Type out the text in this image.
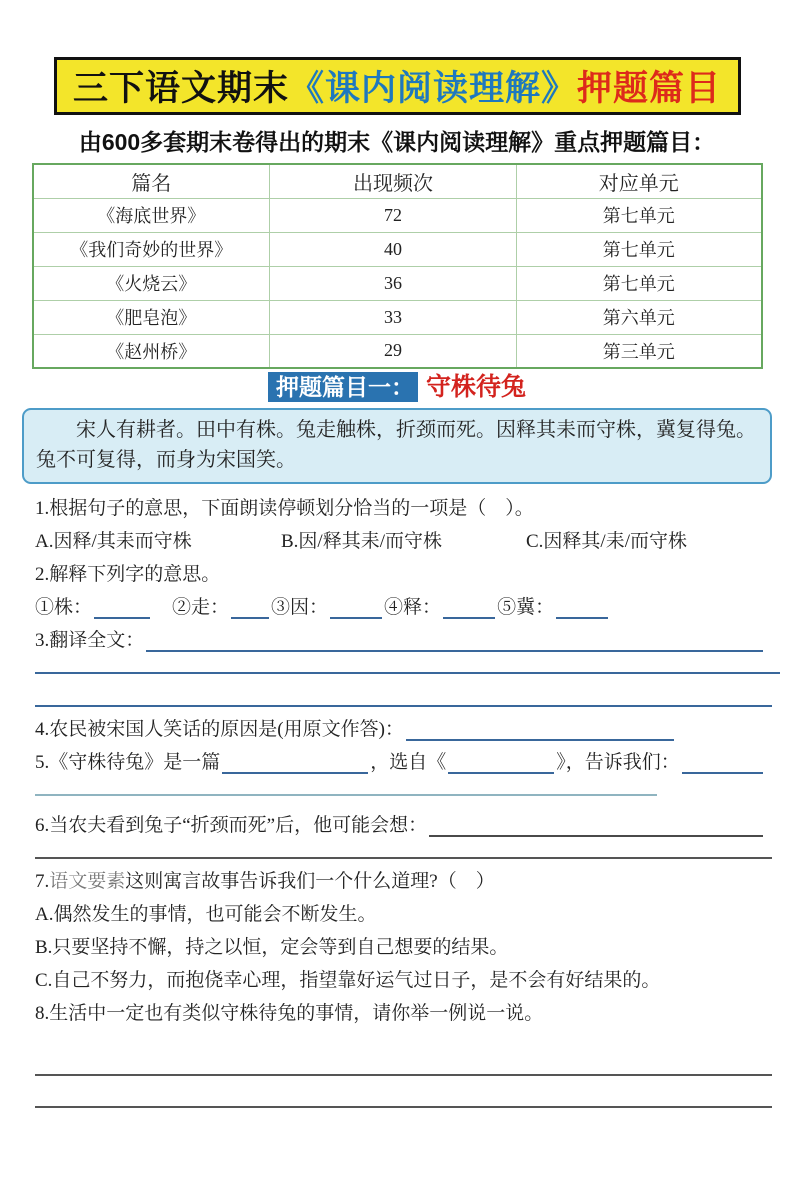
三下语文期末 《课内阅读理解》 押题篇目
由600多套期末卷得出的期末《课内阅读理解》重点押题篇目：
篇名	出现频次	对应单元
《海底世界》	72	第七单元
《我们奇妙的世界》	40	第七单元
《火烧云》	36	第七单元
《肥皂泡》	33	第六单元
《赵州桥》	29	第三单元
押题篇目一： 守株待兔
宋人有耕者。田中有株。兔走触株，折颈而死。因释其耒而守株，冀复得兔。兔不可复得，而身为宋国笑。
1.根据句子的意思，下面朗读停顿划分恰当的一项是（　）。
A.因释/其耒而守株	B.因/释其耒/而守株	C.因释其/耒/而守株
2.解释下列字的意思。
①株：	②走： ③因：	④释：	⑤冀：
3.翻译全文：
4.农民被宋国人笑话的原因是(用原文作答)：
5.《守株待兔》是一篇	，选自《	》，告诉我们：
6.当农夫看到兔子“折颈而死”后，他可能会想：
7. 语文要素 这则寓言故事告诉我们一个什么道理?（　）
A.偶然发生的事情，也可能会不断发生。
B.只要坚持不懈，持之以恒，定会等到自己想要的结果。
C.自己不努力，而抱侥幸心理，指望靠好运气过日子，是不会有好结果的。
8.生活中一定也有类似守株待兔的事情，请你举一例说一说。
